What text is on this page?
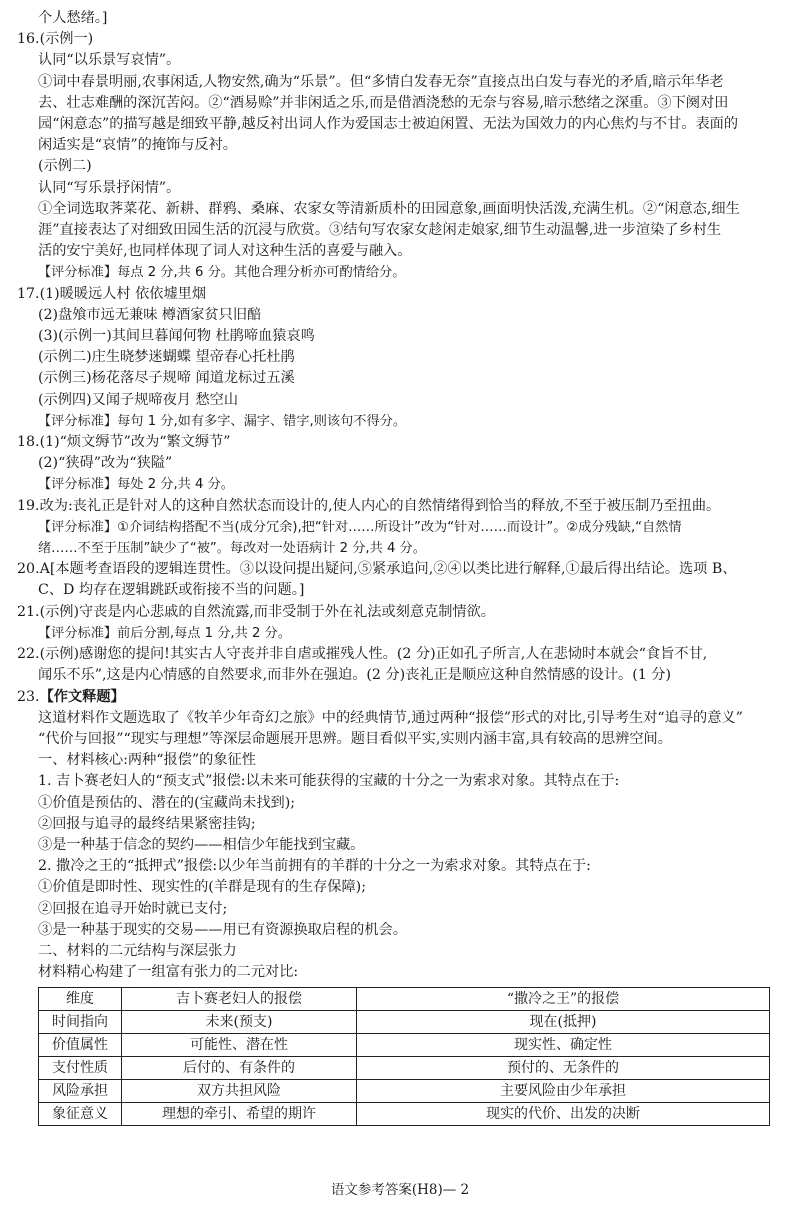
个人愁绪。]
16.(示例一)
认同“以乐景写哀情”。
①词中春景明丽,农事闲适,人物安然,确为“乐景”。但“多情白发春无奈”直接点出白发与春光的矛盾,暗示年华老
去、壮志难酬的深沉苦闷。②“酒易赊”并非闲适之乐,而是借酒浇愁的无奈与容易,暗示愁绪之深重。③下阕对田
园“闲意态”的描写越是细致平静,越反衬出词人作为爱国志士被迫闲置、无法为国效力的内心焦灼与不甘。表面的
闲适实是“哀情”的掩饰与反衬。
(示例二)
认同“写乐景抒闲情”。
①全词选取荠菜花、新耕、群鸦、桑麻、农家女等清新质朴的田园意象,画面明快活泼,充满生机。②“闲意态,细生
涯”直接表达了对细致田园生活的沉浸与欣赏。③结句写农家女趁闲走娘家,细节生动温馨,进一步渲染了乡村生
活的安宁美好,也同样体现了词人对这种生活的喜爱与融入。
【评分标准】每点 2 分,共 6 分。其他合理分析亦可酌情给分。
17.(1)暖暖远人村 依依墟里烟
(2)盘飧市远无兼味 樽酒家贫只旧醅
(3)(示例一)其间旦暮闻何物 杜鹃啼血猿哀鸣
(示例二)庄生晓梦迷蝴蝶 望帝春心托杜鹃
(示例三)杨花落尽子规啼 闻道龙标过五溪
(示例四)又闻子规啼夜月 愁空山
【评分标准】每句 1 分,如有多字、漏字、错字,则该句不得分。
18.(1)“烦文缛节”改为“繁文缛节”
(2)“狭碍”改为“狭隘”
【评分标准】每处 2 分,共 4 分。
19.改为:丧礼正是针对人的这种自然状态而设计的,使人内心的自然情绪得到恰当的释放,不至于被压制乃至扭曲。
【评分标准】①介词结构搭配不当(成分冗余),把“针对……所设计”改为“针对……而设计”。②成分残缺,“自然情
绪……不至于压制”缺少了“被”。每改对一处语病计 2 分,共 4 分。
20.A[本题考查语段的逻辑连贯性。③以设问提出疑问,⑤紧承追问,②④以类比进行解释,①最后得出结论。选项 B、
C、D 均存在逻辑跳跃或衔接不当的问题。]
21.(示例)守丧是内心悲戚的自然流露,而非受制于外在礼法或刻意克制情欲。
【评分标准】前后分割,每点 1 分,共 2 分。
22.(示例)感谢您的提问!其实古人守丧并非自虐或摧残人性。(2 分)正如孔子所言,人在悲恸时本就会“食旨不甘,
闻乐不乐”,这是内心情感的自然要求,而非外在强迫。(2 分)丧礼正是顺应这种自然情感的设计。(1 分)
23.【作文释题】
这道材料作文题选取了《牧羊少年奇幻之旅》中的经典情节,通过两种“报偿”形式的对比,引导考生对“追寻的意义”
“代价与回报”“现实与理想”等深层命题展开思辨。题目看似平实,实则内涵丰富,具有较高的思辨空间。
一、材料核心:两种“报偿”的象征性
1. 吉卜赛老妇人的“预支式”报偿:以未来可能获得的宝藏的十分之一为索求对象。其特点在于:
①价值是预估的、潜在的(宝藏尚未找到);
②回报与追寻的最终结果紧密挂钩;
③是一种基于信念的契约——相信少年能找到宝藏。
2. 撒冷之王的“抵押式”报偿:以少年当前拥有的羊群的十分之一为索求对象。其特点在于:
①价值是即时性、现实性的(羊群是现有的生存保障);
②回报在追寻开始时就已支付;
③是一种基于现实的交易——用已有资源换取启程的机会。
二、材料的二元结构与深层张力
材料精心构建了一组富有张力的二元对比:
维度	吉卜赛老妇人的报偿	“撒冷之王”的报偿
时间指向	未来(预支)	现在(抵押)
价值属性	可能性、潜在性	现实性、确定性
支付性质	后付的、有条件的	预付的、无条件的
风险承担	双方共担风险	主要风险由少年承担
象征意义	理想的牵引、希望的期许	现实的代价、出发的决断
语文参考答案(H8)— 2
